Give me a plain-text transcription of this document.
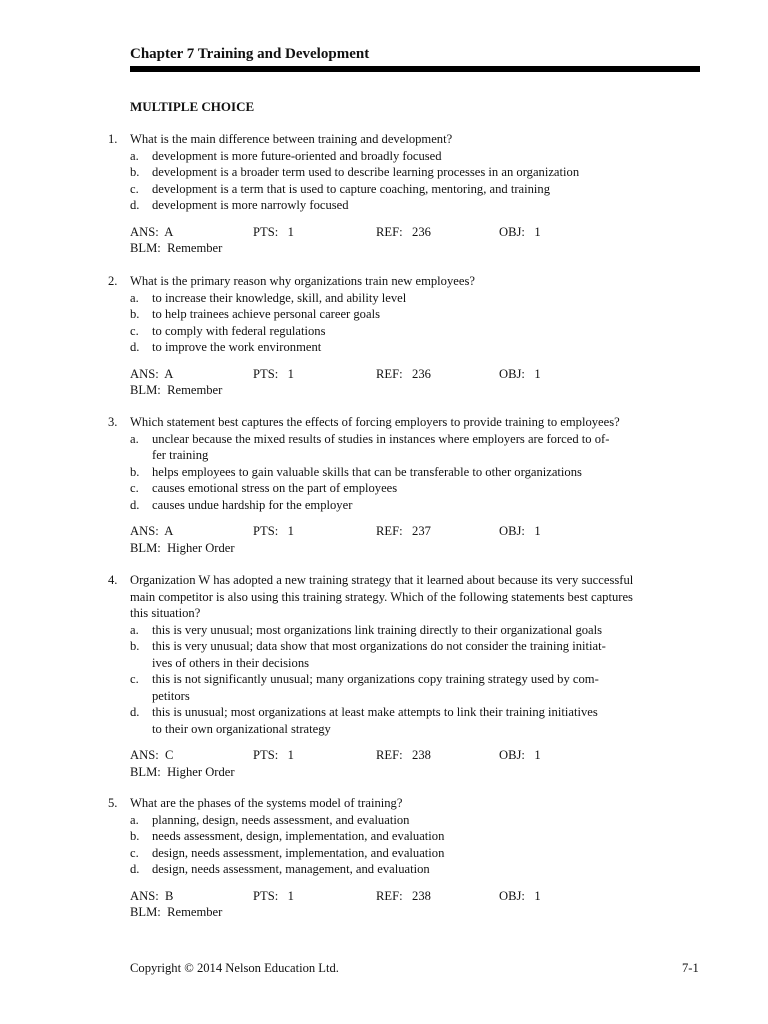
Chapter 7 Training and Development
MULTIPLE CHOICE
1. What is the main difference between training and development?
a. development is more future-oriented and broadly focused
b. development is a broader term used to describe learning processes in an organization
c. development is a term that is used to capture coaching, mentoring, and training
d. development is more narrowly focused
ANS:  A	PTS:   1	REF:   236	OBJ:   1
BLM:  Remember
2. What is the primary reason why organizations train new employees?
a. to increase their knowledge, skill, and ability level
b. to help trainees achieve personal career goals
c. to comply with federal regulations
d. to improve the work environment
ANS:  A	PTS:   1	REF:   236	OBJ:   1
BLM:  Remember
3. Which statement best captures the effects of forcing employers to provide training to employees?
a. unclear because the mixed results of studies in instances where employers are forced to of-
fer training
b. helps employees to gain valuable skills that can be transferable to other organizations
c. causes emotional stress on the part of employees
d. causes undue hardship for the employer
ANS:  A	PTS:   1	REF:   237	OBJ:   1
BLM:  Higher Order
4. Organization W has adopted a new training strategy that it learned about because its very successful
main competitor is also using this training strategy. Which of the following statements best captures
this situation?
a. this is very unusual; most organizations link training directly to their organizational goals
b. this is very unusual; data show that most organizations do not consider the training initiat-
ives of others in their decisions
c. this is not significantly unusual; many organizations copy training strategy used by com-
petitors
d. this is unusual; most organizations at least make attempts to link their training initiatives
to their own organizational strategy
ANS:  C	PTS:   1	REF:   238	OBJ:   1
BLM:  Higher Order
5. What are the phases of the systems model of training?
a. planning, design, needs assessment, and evaluation
b. needs assessment, design, implementation, and evaluation
c. design, needs assessment, implementation, and evaluation
d. design, needs assessment, management, and evaluation
ANS:  B	PTS:   1	REF:   238	OBJ:   1
BLM:  Remember
Copyright © 2014 Nelson Education Ltd.	7-1
